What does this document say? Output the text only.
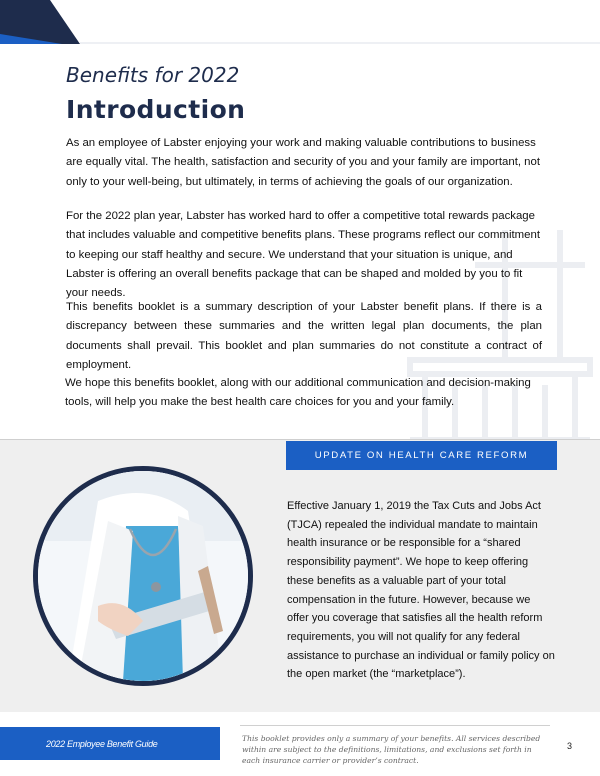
Benefits for 2022
Introduction

As an employee of Labster enjoying your work and making valuable contributions to business are equally vital. The health, satisfaction and security of you and your family are important, not only to your well-being, but ultimately, in terms of achieving the goals of our organization.

For the 2022 plan year, Labster has worked hard to offer a competitive total rewards package that includes valuable and competitive benefits plans. These programs reflect our commitment to keeping our staff healthy and secure. We understand that your situation is unique, and Labster is offering an overall benefits package that can be shaped and molded by you to fit your needs.

This benefits booklet is a summary description of your Labster benefit plans. If there is a discrepancy between these summaries and the written legal plan documents, the plan documents shall prevail. This booklet and plan summaries do not constitute a contract of employment.

We hope this benefits booklet, along with our additional communication and decision-making tools, will help you make the best health care choices for you and your family.

UPDATE ON HEALTH CARE REFORM

Effective January 1, 2019 the Tax Cuts and Jobs Act (TJCA) repealed the individual mandate to maintain health insurance or be responsible for a “shared responsibility payment”. We hope to keep offering these benefits as a valuable part of your total compensation in the future. However, because we offer you coverage that satisfies all the health reform requirements, you will not qualify for any federal assistance to purchase an individual or family policy on the open market (the “marketplace”).

2022 Employee Benefit Guide	This booklet provides only a summary of your benefits. All services described within are subject to the definitions, limitations, and exclusions set forth in each insurance carrier or provider’s contract.

3
